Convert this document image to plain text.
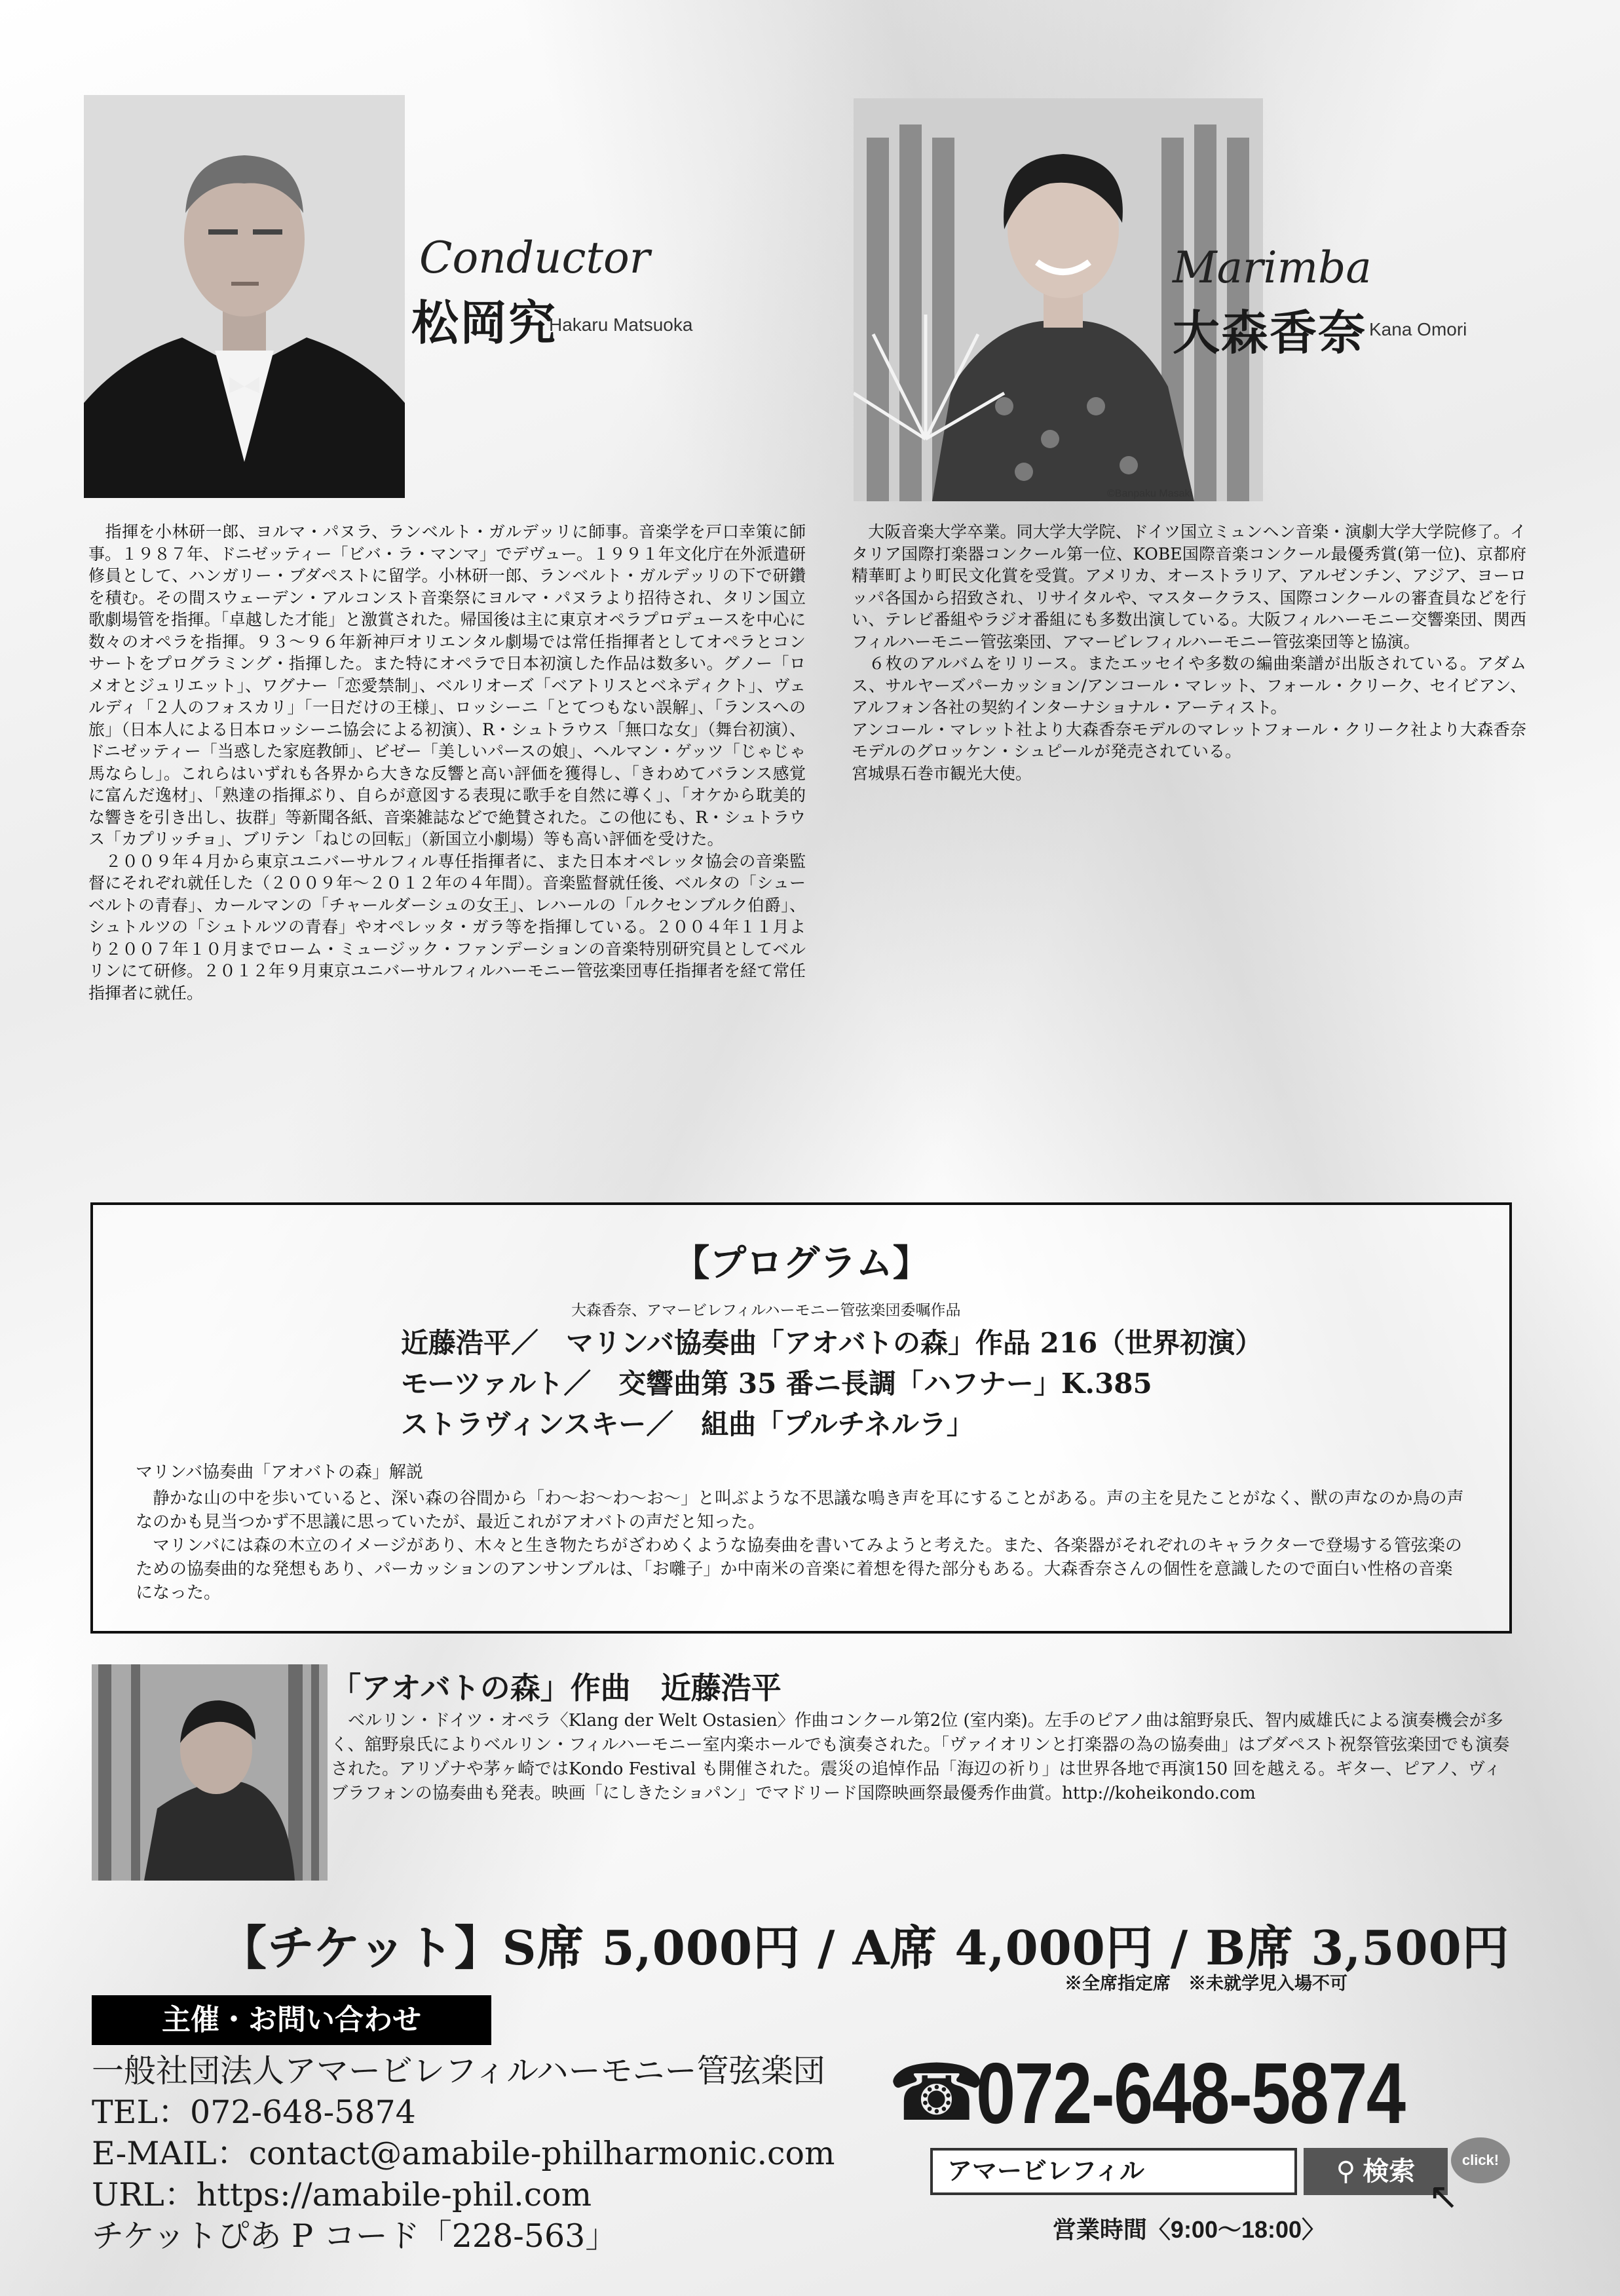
Conductor
松岡究
Hakaru Matsuoka
©Banpaku Masaki
Marimba
大森香奈 Kana Omori
　指揮を小林研一郎、ヨルマ・パヌラ、ランベルト・ガルデッリに師事。音楽学を戸口幸策に師事。１９８７年、ドニゼッティー「ビバ・ラ・マンマ」でデヴュー。１９９１年文化庁在外派遣研修員として、ハンガリー・ブダペストに留学。小林研一郎、ランベルト・ガルデッリの下で研鑽を積む。その間スウェーデン・アルコンスト音楽祭にヨルマ・パヌラより招待され、タリン国立歌劇場管を指揮。「卓越した才能」と激賞された。帰国後は主に東京オペラプロデュースを中心に数々のオペラを指揮。９３～９６年新神戸オリエンタル劇場では常任指揮者としてオペラとコンサートをプログラミング・指揮した。また特にオペラで日本初演した作品は数多い。グノー「ロメオとジュリエット」、ワグナー「恋愛禁制」、ベルリオーズ「ベアトリスとベネディクト」、ヴェルディ「２人のフォスカリ」「一日だけの王様」、ロッシーニ「とてつもない誤解」、「ランスへの旅」（日本人による日本ロッシーニ協会による初演）、R・シュトラウス「無口な女」（舞台初演）、ドニゼッティー「当惑した家庭教師」、ビゼー「美しいパースの娘」、ヘルマン・ゲッツ「じゃじゃ馬ならし」。これらはいずれも各界から大きな反響と高い評価を獲得し、「きわめてバランス感覚に富んだ逸材」、「熟達の指揮ぶり、自らが意図する表現に歌手を自然に導く」、「オケから耽美的な響きを引き出し、抜群」等新聞各紙、音楽雑誌などで絶賛された。この他にも、R・シュトラウス「カプリッチョ」、ブリテン「ねじの回転」（新国立小劇場）等も高い評価を受けた。
　２００９年４月から東京ユニバーサルフィル専任指揮者に、また日本オペレッタ協会の音楽監督にそれぞれ就任した（２００９年～２０１２年の４年間）。音楽監督就任後、ベルタの「シューベルトの青春」、カールマンの「チャールダーシュの女王」、レハールの「ルクセンブルク伯爵」、シュトルツの「シュトルツの青春」やオペレッタ・ガラ等を指揮している。２００４年１１月より２００７年１０月までローム・ミュージック・ファンデーションの音楽特別研究員としてベルリンにて研修。２０１２年９月東京ユニバーサルフィルハーモニー管弦楽団専任指揮者を経て常任指揮者に就任。
　大阪音楽大学卒業。同大学大学院、ドイツ国立ミュンヘン音楽・演劇大学大学院修了。イタリア国際打楽器コンクール第一位、KOBE国際音楽コンクール最優秀賞(第一位)、京都府精華町より町民文化賞を受賞。アメリカ、オーストラリア、アルゼンチン、アジア、ヨーロッパ各国から招致され、リサイタルや、マスタークラス、国際コンクールの審査員などを行い、テレビ番組やラジオ番組にも多数出演している。大阪フィルハーモニー交響楽団、関西フィルハーモニー管弦楽団、アマービレフィルハーモニー管弦楽団等と協演。
　６枚のアルバムをリリース。またエッセイや多数の編曲楽譜が出版されている。アダムス、サルヤーズパーカッション/アンコール・マレット、フォール・クリーク、セイビアン、アルフォン各社の契約インターナショナル・アーティスト。
アンコール・マレット社より大森香奈モデルのマレットフォール・クリーク社より大森香奈モデルのグロッケン・シュピールが発売されている。
宮城県石巻市観光大使。
【プログラム】
大森香奈、アマービレフィルハーモニー管弦楽団委嘱作品
近藤浩平／　マリンバ協奏曲「アオバトの森」作品 216（世界初演）
モーツァルト／　交響曲第 35 番ニ長調「ハフナー」K.385
ストラヴィンスキー／　組曲「プルチネルラ」
マリンバ協奏曲「アオバトの森」解説
　静かな山の中を歩いていると、深い森の谷間から「わ～お～わ～お～」と叫ぶような不思議な鳴き声を耳にすることがある。声の主を見たことがなく、獣の声なのか鳥の声なのかも見当つかず不思議に思っていたが、最近これがアオバトの声だと知った。
　マリンバには森の木立のイメージがあり、木々と生き物たちがざわめくような協奏曲を書いてみようと考えた。また、各楽器がそれぞれのキャラクターで登場する管弦楽のための協奏曲的な発想もあり、パーカッションのアンサンブルは、「お囃子」か中南米の音楽に着想を得た部分もある。大森香奈さんの個性を意識したので面白い性格の音楽になった。
「アオバトの森」作曲　近藤浩平
　ベルリン・ドイツ・オペラ〈Klang der Welt Ostasien〉作曲コンクール第2位 (室内楽)。左手のピアノ曲は舘野泉氏、智内威雄氏による演奏機会が多く、舘野泉氏によりベルリン・フィルハーモニー室内楽ホールでも演奏された。「ヴァイオリンと打楽器の為の協奏曲」はブダペスト祝祭管弦楽団でも演奏された。アリゾナや茅ヶ崎ではKondo Festival も開催された。震災の追悼作品「海辺の祈り」は世界各地で再演150 回を越える。ギター、ピアノ、ヴィブラフォンの協奏曲も発表。映画「にしきたショパン」でマドリード国際映画祭最優秀作曲賞。http://koheikondo.com
【チケット】S席 5,000円 / A席 4,000円 / B席 3,500円
※全席指定席　※未就学児入場不可
主催・お問い合わせ
一般社団法人アマービレフィルハーモニー管弦楽団
TEL：072-648-5874
E-MAIL：contact@amabile-philharmonic.com
URL：https://amabile-phil.com
チケットぴあ P コード「228-563」
☎
072-648-5874
アマービレフィル	⚲ 検索	click!
↖
営業時間〈9:00～18:00〉
